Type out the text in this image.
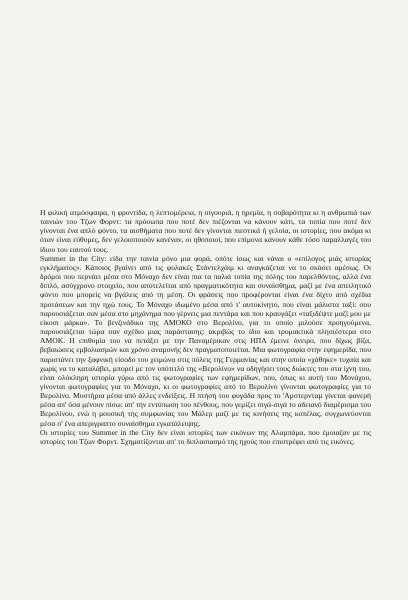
Η φιλική ατμόσφαιρα, η φροντίδα, η λεπτομέρεια, η σιγουριά, η ηρεμία, η σοβαρότητα κι η ανθρωπιά των ταινιών του Τζων Φορντ: τα πρόσωπα που ποτέ δεν πιέζονται να κάνουν κάτι, τα τοπία που ποτέ δεν γίνονται ένα απλό φόντο, τα αισθήματα που ποτέ δεν γίνονται πιεστικά ή γελοία, οι ιστορίες, που ακόμα κι όταν είναι εύθυμες, δεν γελοιοποιούν κανέναν, οι ηθοποιοί, που επίμονα κάνουν κάθε τόσο παραλλαγές του ίδιου του εαυτού τους.

Summer in the City: είδα την ταινία μόνο μια φορά, οπότε ίσως και νάναι ο «επίλογος μιάς ιστορίας εγκλήματος». Κάποιος βγαίνει από τις φυλακές Στάντελχάιμ κι αναγκάζεται να το σκάσει αμέσως. Οι δρόμοι που περνάει μέσα στο Μόναχο δεν είναι πια τα παλιά τοπία της πόλης του παρελθόντος, αλλά ένα διπλό, ασύγχρονο στοιχείο, που αποτελείται από πραγματικότητα και συναίσθημα, μαζί με ένα απειλητικό φόντο που μπορείς να βγάλεις από τη μέση. Οι φράσεις που προφέρονται είναι ένα δίχτυ από σχέδια προτάσεων και την ηχώ τους. Το Μόναχο ιδωμένο μέσα από τ' αυτοκίνητο, που είναι μάλιστα ταξί: σου παρουσιάζεται σαν μέσα στο μηχάνημα που γέρνεις μια πεντάρα και που κραυγάζει «ταξιδέψτε μαζί μου με είκοσι μάρκα». Το βενζινάδικο της ΑΜΟΚΟ στο Βερολίνο, για το οποίο μιλούσε προηγούμενα, παρουσιάζεται τώρα σαν σχέδιο μιας παράστασης: ακριβώς το ίδιο και τρομακτικά πλησιέστερα στο ΑΜΟΚ. Η επιθυμία του να πετάξει με την Παναμέρικαν στις ΗΠΑ έμεινε όνειρο, που δίχως βίζα, βεβαιώσεις εμβολιασμών και χρόνο αναμονής δεν πραγματοποιείται. Μια φωτογραφία στην εφημερίδα, που παριστάνει την ξαφνική είσοδο του χειμώνα στις πόλεις της Γερμανίας και στην οποία «χάθηκε» τυχαία και χωρίς να το καταλάβει, μπορεί με τον υπότιτλό της «Βερολίνο» να οδηγήσει τους διώκτες του στα ίχνη του, είναι ολόκληρη ιστορία γύρω από τις φωτογραφίες των εφημερίδων, που, όπως κι αυτή του Μονάχου, γίνονται φωτογραφίες για το Μόναχο, κι οι φωτογραφίες από το Βερολίνο γίνονται φωτογραφίες για το Βερολίνο. Μυστήρια μέσα από άλλες ενδείξεις. Η πτήση του φυγάδα προς το 'Αμστερνταμ γίνεται φανερή μέσα απ' όσα μένουν πίσω: απ' την εντύπωση του πένθους, που γεμίζει σιγά-σιγά το αδειανό διαμέρισμα του Βερολίνου, ενώ η μουσική της συμφωνίας του Μάλερ μαζί με τις κινήσεις της κοπέλας, συγχωνεύονται μέσα σ' ένα απεριγραπτο συναίσθημα εγκατάλειψης.

Οι ιστορίες του Summer in the City δεν είναι ιστορίες των εικόνων της Αλαμπάμα, που έμοιαζαν με τις ιστορίες του Τζων Φορντ. Σχηματίζονται απ' το διπλασιασμό της ηχούς που επιστρέφει από τις εικόνες.
